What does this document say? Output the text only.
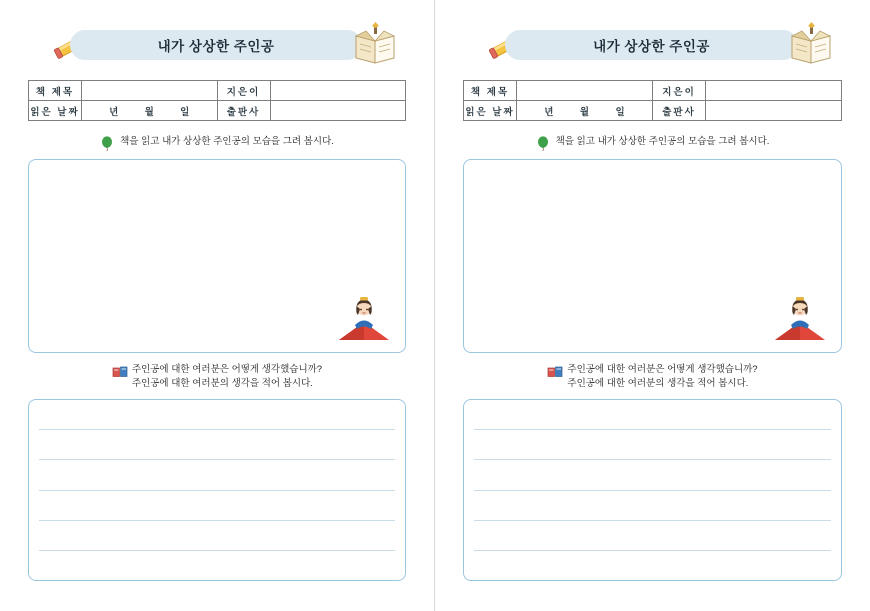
내가 상상한 주인공
책 제목		지은이	
읽은 날짜	년 월 일	출판사	
책을 읽고 내가 상상한 주인공의 모습을 그려 봅시다.
주인공에 대한 여러분은 어떻게 생각했습니까?
주인공에 대한 여러분의 생각을 적어 봅시다.
내가 상상한 주인공
책 제목		지은이	
읽은 날짜	년 월 일	출판사	
책을 읽고 내가 상상한 주인공의 모습을 그려 봅시다.
주인공에 대한 여러분은 어떻게 생각했습니까?
주인공에 대한 여러분의 생각을 적어 봅시다.
